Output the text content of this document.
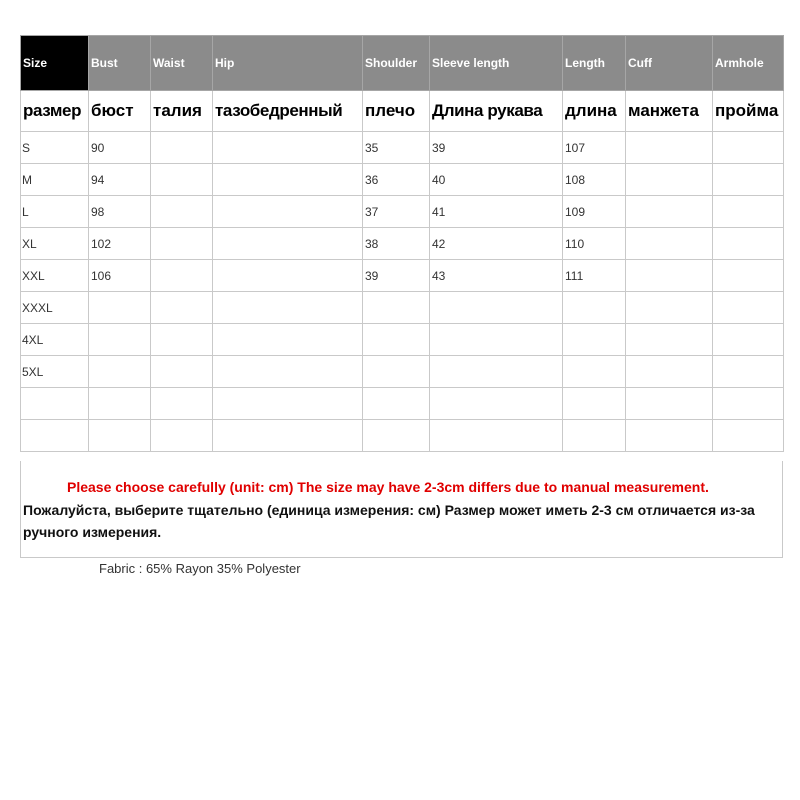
Size	Bust	Waist	Hip	Shoulder	Sleeve length	Length	Cuff	Armhole
размер	бюст	талия	тазобедренный	плечо	Длина рукава	длина	манжета	пройма
S	90			35	39	107		
M	94			36	40	108		
L	98			37	41	109		
XL	102			38	42	110		
XXL	106			39	43	111		
XXXL								
4XL								
5XL								

Please choose carefully (unit: cm) The size may have 2-3cm differs due to manual measurement.
Пожалуйста, выберите тщательно (единица измерения: см) Размер может иметь 2-3 см отличается из-за ручного измерения.
Fabric : 65% Rayon 35% Polyester
